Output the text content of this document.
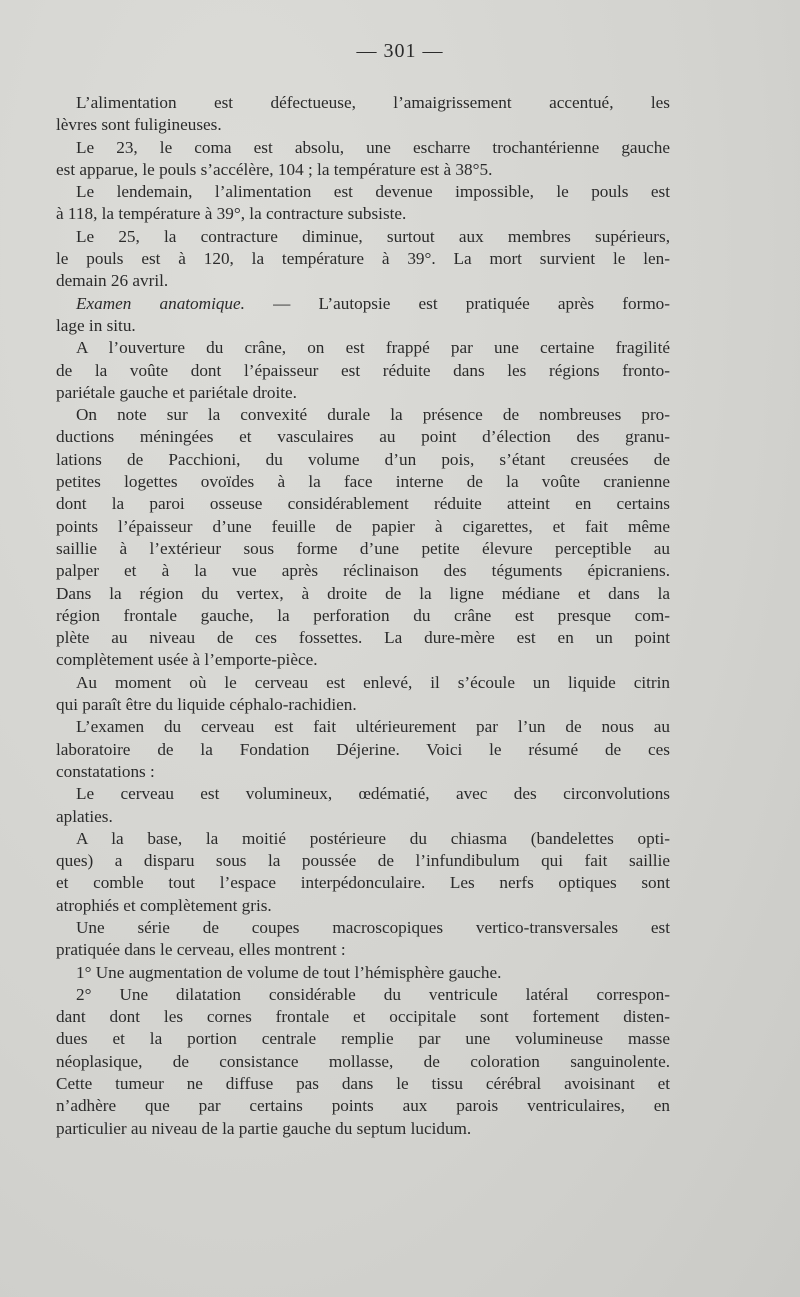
— 301 —
L’alimentation est défectueuse, l’amaigrissement accentué, les
lèvres sont fuligineuses.
Le 23, le coma est absolu, une escharre trochantérienne gauche
est apparue, le pouls s’accélère, 104 ; la température est à 38°5.
Le lendemain, l’alimentation est devenue impossible, le pouls est
à 118, la température à 39°, la contracture subsiste.
Le 25, la contracture diminue, surtout aux membres supérieurs,
le pouls est à 120, la température à 39°. La mort survient le len-
demain 26 avril.
Examen anatomique. — L’autopsie est pratiquée après formo-
lage in situ.
A l’ouverture du crâne, on est frappé par une certaine fragilité
de la voûte dont l’épaisseur est réduite dans les régions fronto-
pariétale gauche et pariétale droite.
On note sur la convexité durale la présence de nombreuses pro-
ductions méningées et vasculaires au point d’élection des granu-
lations de Pacchioni, du volume d’un pois, s’étant creusées de
petites logettes ovoïdes à la face interne de la voûte cranienne
dont la paroi osseuse considérablement réduite atteint en certains
points l’épaisseur d’une feuille de papier à cigarettes, et fait même
saillie à l’extérieur sous forme d’une petite élevure perceptible au
palper et à la vue après réclinaison des téguments épicraniens.
Dans la région du vertex, à droite de la ligne médiane et dans la
région frontale gauche, la perforation du crâne est presque com-
plète au niveau de ces fossettes. La dure-mère est en un point
complètement usée à l’emporte-pièce.
Au moment où le cerveau est enlevé, il s’écoule un liquide citrin
qui paraît être du liquide céphalo-rachidien.
L’examen du cerveau est fait ultérieurement par l’un de nous au
laboratoire de la Fondation Déjerine. Voici le résumé de ces
constatations :
Le cerveau est volumineux, œdématié, avec des circonvolutions
aplaties.
A la base, la moitié postérieure du chiasma (bandelettes opti-
ques) a disparu sous la poussée de l’infundibulum qui fait saillie
et comble tout l’espace interpédonculaire. Les nerfs optiques sont
atrophiés et complètement gris.
Une série de coupes macroscopiques vertico-transversales est
pratiquée dans le cerveau, elles montrent :
1° Une augmentation de volume de tout l’hémisphère gauche.
2° Une dilatation considérable du ventricule latéral correspon-
dant dont les cornes frontale et occipitale sont fortement disten-
dues et la portion centrale remplie par une volumineuse masse
néoplasique, de consistance mollasse, de coloration sanguinolente.
Cette tumeur ne diffuse pas dans le tissu cérébral avoisinant et
n’adhère que par certains points aux parois ventriculaires, en
particulier au niveau de la partie gauche du septum lucidum.
